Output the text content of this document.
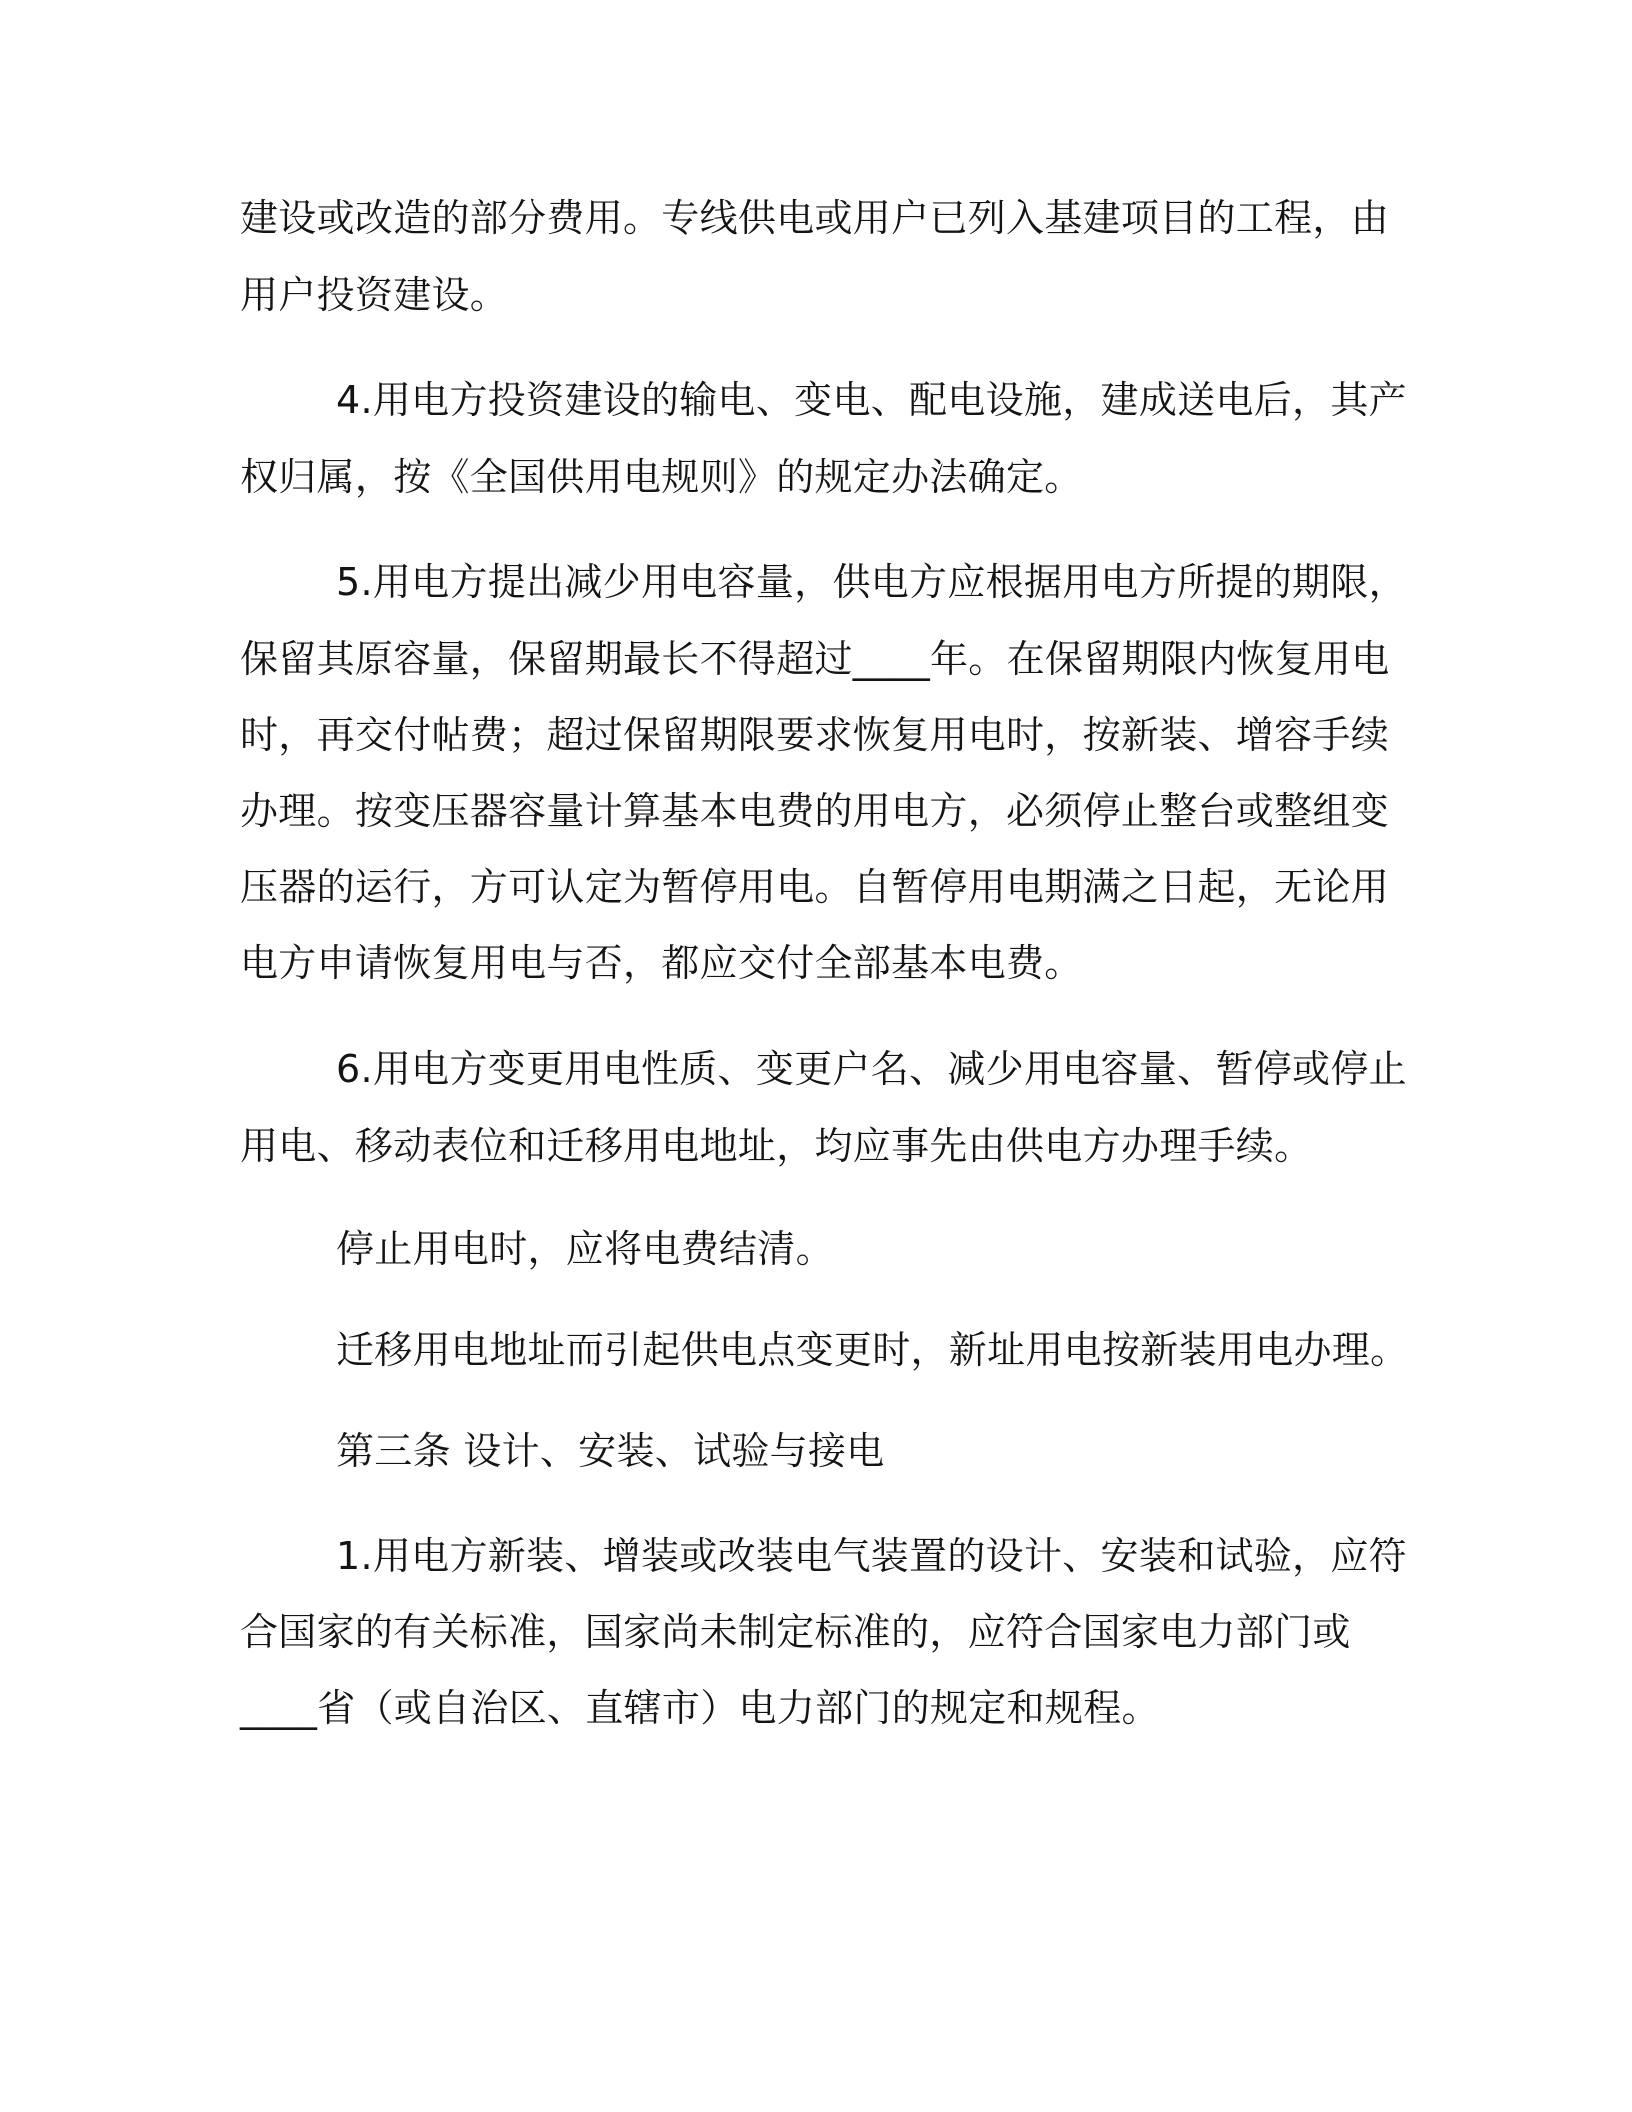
建设或改造的部分费用。专线供电或用户已列入基建项目的工程，由
用户投资建设。
4.用电方投资建设的输电、变电、配电设施，建成送电后，其产
权归属，按《全国供用电规则》的规定办法确定。
5.用电方提出减少用电容量，供电方应根据用电方所提的期限，
保留其原容量，保留期最长不得超过____年。在保留期限内恢复用电
时，再交付帖费；超过保留期限要求恢复用电时，按新装、增容手续
办理。按变压器容量计算基本电费的用电方，必须停止整台或整组变
压器的运行，方可认定为暂停用电。自暂停用电期满之日起，无论用
电方申请恢复用电与否，都应交付全部基本电费。
6.用电方变更用电性质、变更户名、减少用电容量、暂停或停止
用电、移动表位和迁移用电地址，均应事先由供电方办理手续。
停止用电时，应将电费结清。
迁移用电地址而引起供电点变更时，新址用电按新装用电办理。
第三条 设计、安装、试验与接电
1.用电方新装、增装或改装电气装置的设计、安装和试验，应符
合国家的有关标准，国家尚未制定标准的，应符合国家电力部门或
____省（或自治区、直辖市）电力部门的规定和规程。
